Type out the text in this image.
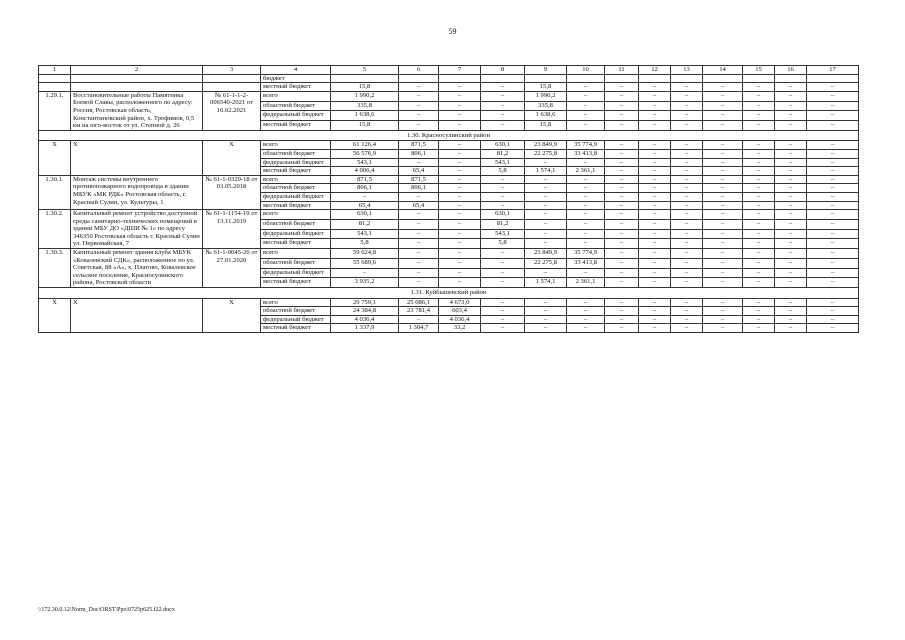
59
1	2	3	4	5	6	7	8	9	10	11	12	13	14	15	16	17
			бюджет													
			местный бюджет	15,8	–	–	–	15,8	–	–	–	–	–	–	–	–
1.29.1.	Восстановительные работы Памятника Боевой Славы, расположенного по адресу: Россия, Ростовская область, Константиновский район, х. Трофимов, 0,5 км на юго-восток от ул. Степной д. 26	№ 61-1-1-2-006540-2021 от 16.02.2021	всего	1 990,2	–	–	–	1 990,2	–	–	–	–	–	–	–	–
			областной бюджет	335,8	–	–	–	335,8	–	–	–	–	–	–	–	–
			федеральный бюджет	1 638,6	–	–	–	1 638,6	–	–	–	–	–	–	–	–
			местный бюджет	15,8	–	–	–	15,8	–	–	–	–	–	–	–	–
1.30. Красносулинский район																
Х	Х	Х	всего	61 126,4	871,5	–	630,1	23 849,9	35 774,9	–	–	–	–	–	–	–
			областной бюджет	56 576,9	806,1	–	81,2	22 275,8	33 413,8	–	–	–	–	–	–	–
			федеральный бюджет	543,1	–	–	543,1	–	–	–	–	–	–	–	–	–
			местный бюджет	4 006,4	65,4	–	5,8	1 574,1	2 361,1	–	–	–	–	–	–	–
1.30.1.	Монтаж системы внутреннего противопожарного водопровода в здании МБУК «МК РДК» Ростовская область, г. Красный Сулин, ул. Культуры, 1	№ 61-1-0329-18 от 03.05.2018	всего	871,5	871,5	–	–	–	–	–	–	–	–	–	–	–
			областной бюджет	806,1	806,1	–	–	–	–	–	–	–	–	–	–	–
			федеральный бюджет	–	–	–	–	–	–	–	–	–	–	–	–	–
			местный бюджет	65,4	65,4	–	–	–	–	–	–	–	–	–	–	–
1.30.2.	Капитальный ремонт устройство доступной среды санитарно-технических помещений в здании МБУ ДО «ДШИ № 1» по адресу 346350 Ростовская область г. Красный Сулин ул. Первомайская, 7	№ 61-1-1154-19 от 13.11.2019	всего	630,1	–	–	630,1	–	–	–	–	–	–	–	–	–
			областной бюджет	81,2	–	–	81,2	–	–	–	–	–	–	–	–	–
			федеральный бюджет	543,1	–	–	543,1	–	–	–	–	–	–	–	–	–
			местный бюджет	5,8	–	–	5,8	–	–	–	–	–	–	–	–	–
1.30.3.	Капитальный ремонт здания клуба МБУК «Ковалевский СДК», расположенное по ул. Советская, 88 «А», х. Платово, Ковалевское сельское поселение, Красносулинского района, Ростовской области	№ 61-1-0045-20 от 27.01.2020	всего	59 624,8	–	–	–	23 849,9	35 774,9	–	–	–	–	–	–	–
			областной бюджет	55 689,6	–	–	–	22 275,8	33 413,8	–	–	–	–	–	–	–
			федеральный бюджет	–	–	–	–	–	–	–	–	–	–	–	–	–
			местный бюджет	3 935,2	–	–	–	1 574,1	2 361,1	–	–	–	–	–	–	–
1.31. Куйбышевский район																
Х	Х	Х	всего	29 759,1	25 086,1	4 673,0	–	–	–	–	–	–	–	–	–	–
			областной бюджет	24 384,8	23 781,4	603,4	–	–	–	–	–	–	–	–	–	–
			федеральный бюджет	4 036,4	–	4 036,4	–	–	–	–	–	–	–	–	–	–
			местный бюджет	1 337,9	1 304,7	33,2	–	–	–	–	–	–	–	–	–	–
\\172.30.0.12\Norm_Doc\ORST\Ppo\0725p625.f22.docx
